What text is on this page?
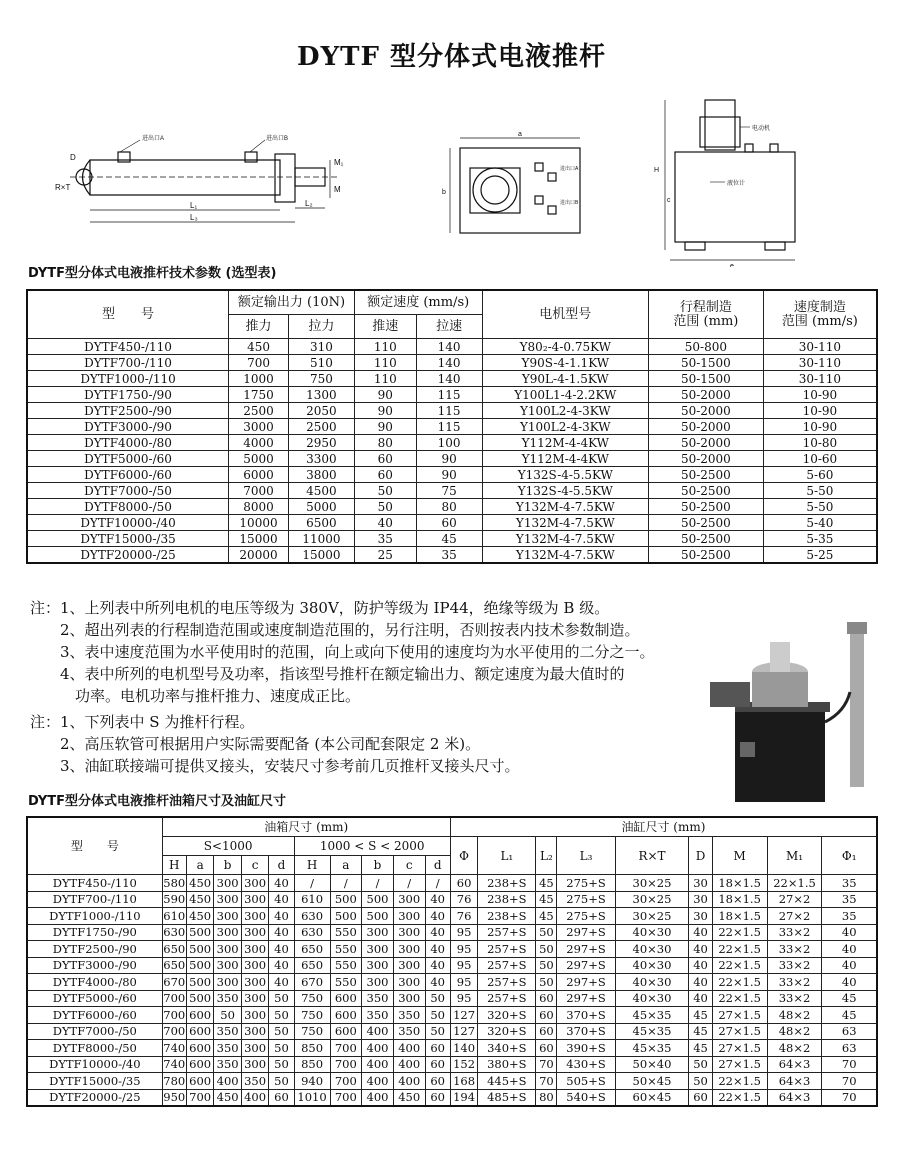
DYTF 型分体式电液推杆
D
R×T
进出口A	进出口B
L₁
L₃
L₂
M₁
M
a
b
进出口A
进出口B
电动机
液位计
H
c
e
DYTF型分体式电液推杆技术参数 (选型表)
型　　号	额定输出力 (10N)		额定速度 (mm/s)		电机型号	行程制造
范围 (mm)	速度制造
范围 (mm/s)
	推力	拉力	推速	拉速			
DYTF450-/110	450	310	110	140	Y80₂-4-0.75KW	50-800	30-110
DYTF700-/110	700	510	110	140	Y90S-4-1.1KW	50-1500	30-110
DYTF1000-/110	1000	750	110	140	Y90L-4-1.5KW	50-1500	30-110
DYTF1750-/90	1750	1300	90	115	Y100L1-4-2.2KW	50-2000	10-90
DYTF2500-/90	2500	2050	90	115	Y100L2-4-3KW	50-2000	10-90
DYTF3000-/90	3000	2500	90	115	Y100L2-4-3KW	50-2000	10-90
DYTF4000-/80	4000	2950	80	100	Y112M-4-4KW	50-2000	10-80
DYTF5000-/60	5000	3300	60	90	Y112M-4-4KW	50-2000	10-60
DYTF6000-/60	6000	3800	60	90	Y132S-4-5.5KW	50-2500	5-60
DYTF7000-/50	7000	4500	50	75	Y132S-4-5.5KW	50-2500	5-50
DYTF8000-/50	8000	5000	50	80	Y132M-4-7.5KW	50-2500	5-50
DYTF10000-/40	10000	6500	40	60	Y132M-4-7.5KW	50-2500	5-40
DYTF15000-/35	15000	11000	35	45	Y132M-4-7.5KW	50-2500	5-35
DYTF20000-/25	20000	15000	25	35	Y132M-4-7.5KW	50-2500	5-25
注：1、上列表中所列电机的电压等级为 380V，防护等级为 IP44，绝缘等级为 B 级。
　　2、超出列表的行程制造范围或速度制造范围的，另行注明，否则按表内技术参数制造。
　　3、表中速度范围为水平使用时的范围，向上或向下使用的速度均为水平使用的二分之一。
　　4、表中所列的电机型号及功率，指该型号推杆在额定输出力、额定速度为最大值时的
　　　功率。电机功率与推杆推力、速度成正比。
注：1、下列表中 S 为推杆行程。
　　2、高压软管可根据用户实际需要配备 (本公司配套限定 2 米)。
　　3、油缸联接端可提供叉接头，安装尺寸参考前几页推杆叉接头尺寸。
DYTF型分体式电液推杆油箱尺寸及油缸尺寸
型　　号	油箱尺寸 (mm)										油缸尺寸 (mm)								
	S<1000					1000 < S < 2000					Φ	L₁	L₂	L₃	R×T	D	M	M₁	Φ₁
	H	a	b	c	d	H	a	b	c	d									
DYTF450-/110	580	450	300	300	40	/	/	/	/	/	60	238+S	45	275+S	30×25	30	18×1.5	22×1.5	35
DYTF700-/110	590	450	300	300	40	610	500	500	300	40	76	238+S	45	275+S	30×25	30	18×1.5	27×2	35
DYTF1000-/110	610	450	300	300	40	630	500	500	300	40	76	238+S	45	275+S	30×25	30	18×1.5	27×2	35
DYTF1750-/90	630	500	300	300	40	630	550	300	300	40	95	257+S	50	297+S	40×30	40	22×1.5	33×2	40
DYTF2500-/90	650	500	300	300	40	650	550	300	300	40	95	257+S	50	297+S	40×30	40	22×1.5	33×2	40
DYTF3000-/90	650	500	300	300	40	650	550	300	300	40	95	257+S	50	297+S	40×30	40	22×1.5	33×2	40
DYTF4000-/80	670	500	300	300	40	670	550	300	300	40	95	257+S	50	297+S	40×30	40	22×1.5	33×2	40
DYTF5000-/60	700	500	350	300	50	750	600	350	300	50	95	257+S	60	297+S	40×30	40	22×1.5	33×2	45
DYTF6000-/60	700	600	50	300	50	750	600	350	350	50	127	320+S	60	370+S	45×35	45	27×1.5	48×2	45
DYTF7000-/50	700	600	350	300	50	750	600	400	350	50	127	320+S	60	370+S	45×35	45	27×1.5	48×2	63
DYTF8000-/50	740	600	350	300	50	850	700	400	400	60	140	340+S	60	390+S	45×35	45	27×1.5	48×2	63
DYTF10000-/40	740	600	350	300	50	850	700	400	400	60	152	380+S	70	430+S	50×40	50	27×1.5	64×3	70
DYTF15000-/35	780	600	400	350	50	940	700	400	400	60	168	445+S	70	505+S	50×45	50	22×1.5	64×3	70
DYTF20000-/25	950	700	450	400	60	1010	700	400	450	60	194	485+S	80	540+S	60×45	60	22×1.5	64×3	70
